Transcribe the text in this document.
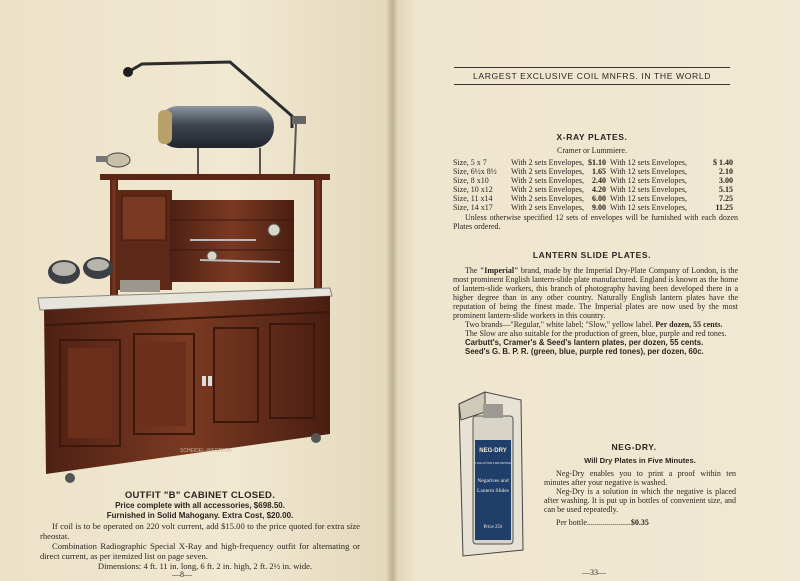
SCHEIDEL-WESTERN
OUTFIT "B" CABINET CLOSED.
Price complete with all accessories, $698.50.
Furnished in Solid Mahogany. Extra Cost, $20.00.
If coil is to be operated on 220 volt current, add $15.00 to the price quoted for extra size rheostat.
Combination Radiographic Special X-Ray and high-frequency outfit for alternating or direct current, as per itemized list on page seven.
Dimensions: 4 ft. 11 in. long, 6 ft. 2 in. high, 2 ft. 2½ in. wide.
—8—
LARGEST EXCLUSIVE COIL MNFRS. IN THE WORLD
X-RAY PLATES.
Cramer or Lummiere.
Size, 5 x 7	With 2 sets Envelopes,	$1.10	With 12 sets Envelopes,	$ 1.40
Size, 6½x 8½	With 2 sets Envelopes,	1.65	With 12 sets Envelopes,	2.10
Size, 8 x10	With 2 sets Envelopes,	2.40	With 12 sets Envelopes,	3.00
Size, 10 x12	With 2 sets Envelopes,	4.20	With 12 sets Envelopes,	5.15
Size, 11 x14	With 2 sets Envelopes,	6.00	With 12 sets Envelopes,	7.25
Size, 14 x17	With 2 sets Envelopes,	9.00	With 12 sets Envelopes,	11.25
Unless otherwise specified 12 sets of envelopes will be furnished with each dozen Plates ordered.
LANTERN SLIDE PLATES.
The "Imperial" brand, made by the Imperial Dry-Plate Company of London, is the most prominent English lantern-slide plate manufactured. England is known as the home of lantern-slide workers, this branch of photography having been developed there in a higher degree than in any other country. Naturally English lantern plates have the reputation of being the finest made. The Imperial plates are now used by the most prominent lantern-slide workers in this country.
Two brands—"Regular," white label; "Slow," yellow label. Per dozen, 55 cents.
The Slow are also suitable for the production of green, blue, purple and red tones.
Carbutt's, Cramer's & Seed's lantern plates, per dozen, 55 cents.
Seed's G. B. P. R. (green, blue, purple red tones), per dozen, 60c.
NEG-DRY
A SOLUTION FOR DRYING
Negatives and
Lantern Slides
Price 25¢
NEG-DRY.
Will Dry Plates in Five Minutes.
Neg-Dry enables you to print a proof within ten minutes after your negative is washed.
Neg-Dry is a solution in which the negative is placed after washing. It is put up in bottles of convenient size, and can be used repeatedly.
Per bottle......................$0.35
—33—
